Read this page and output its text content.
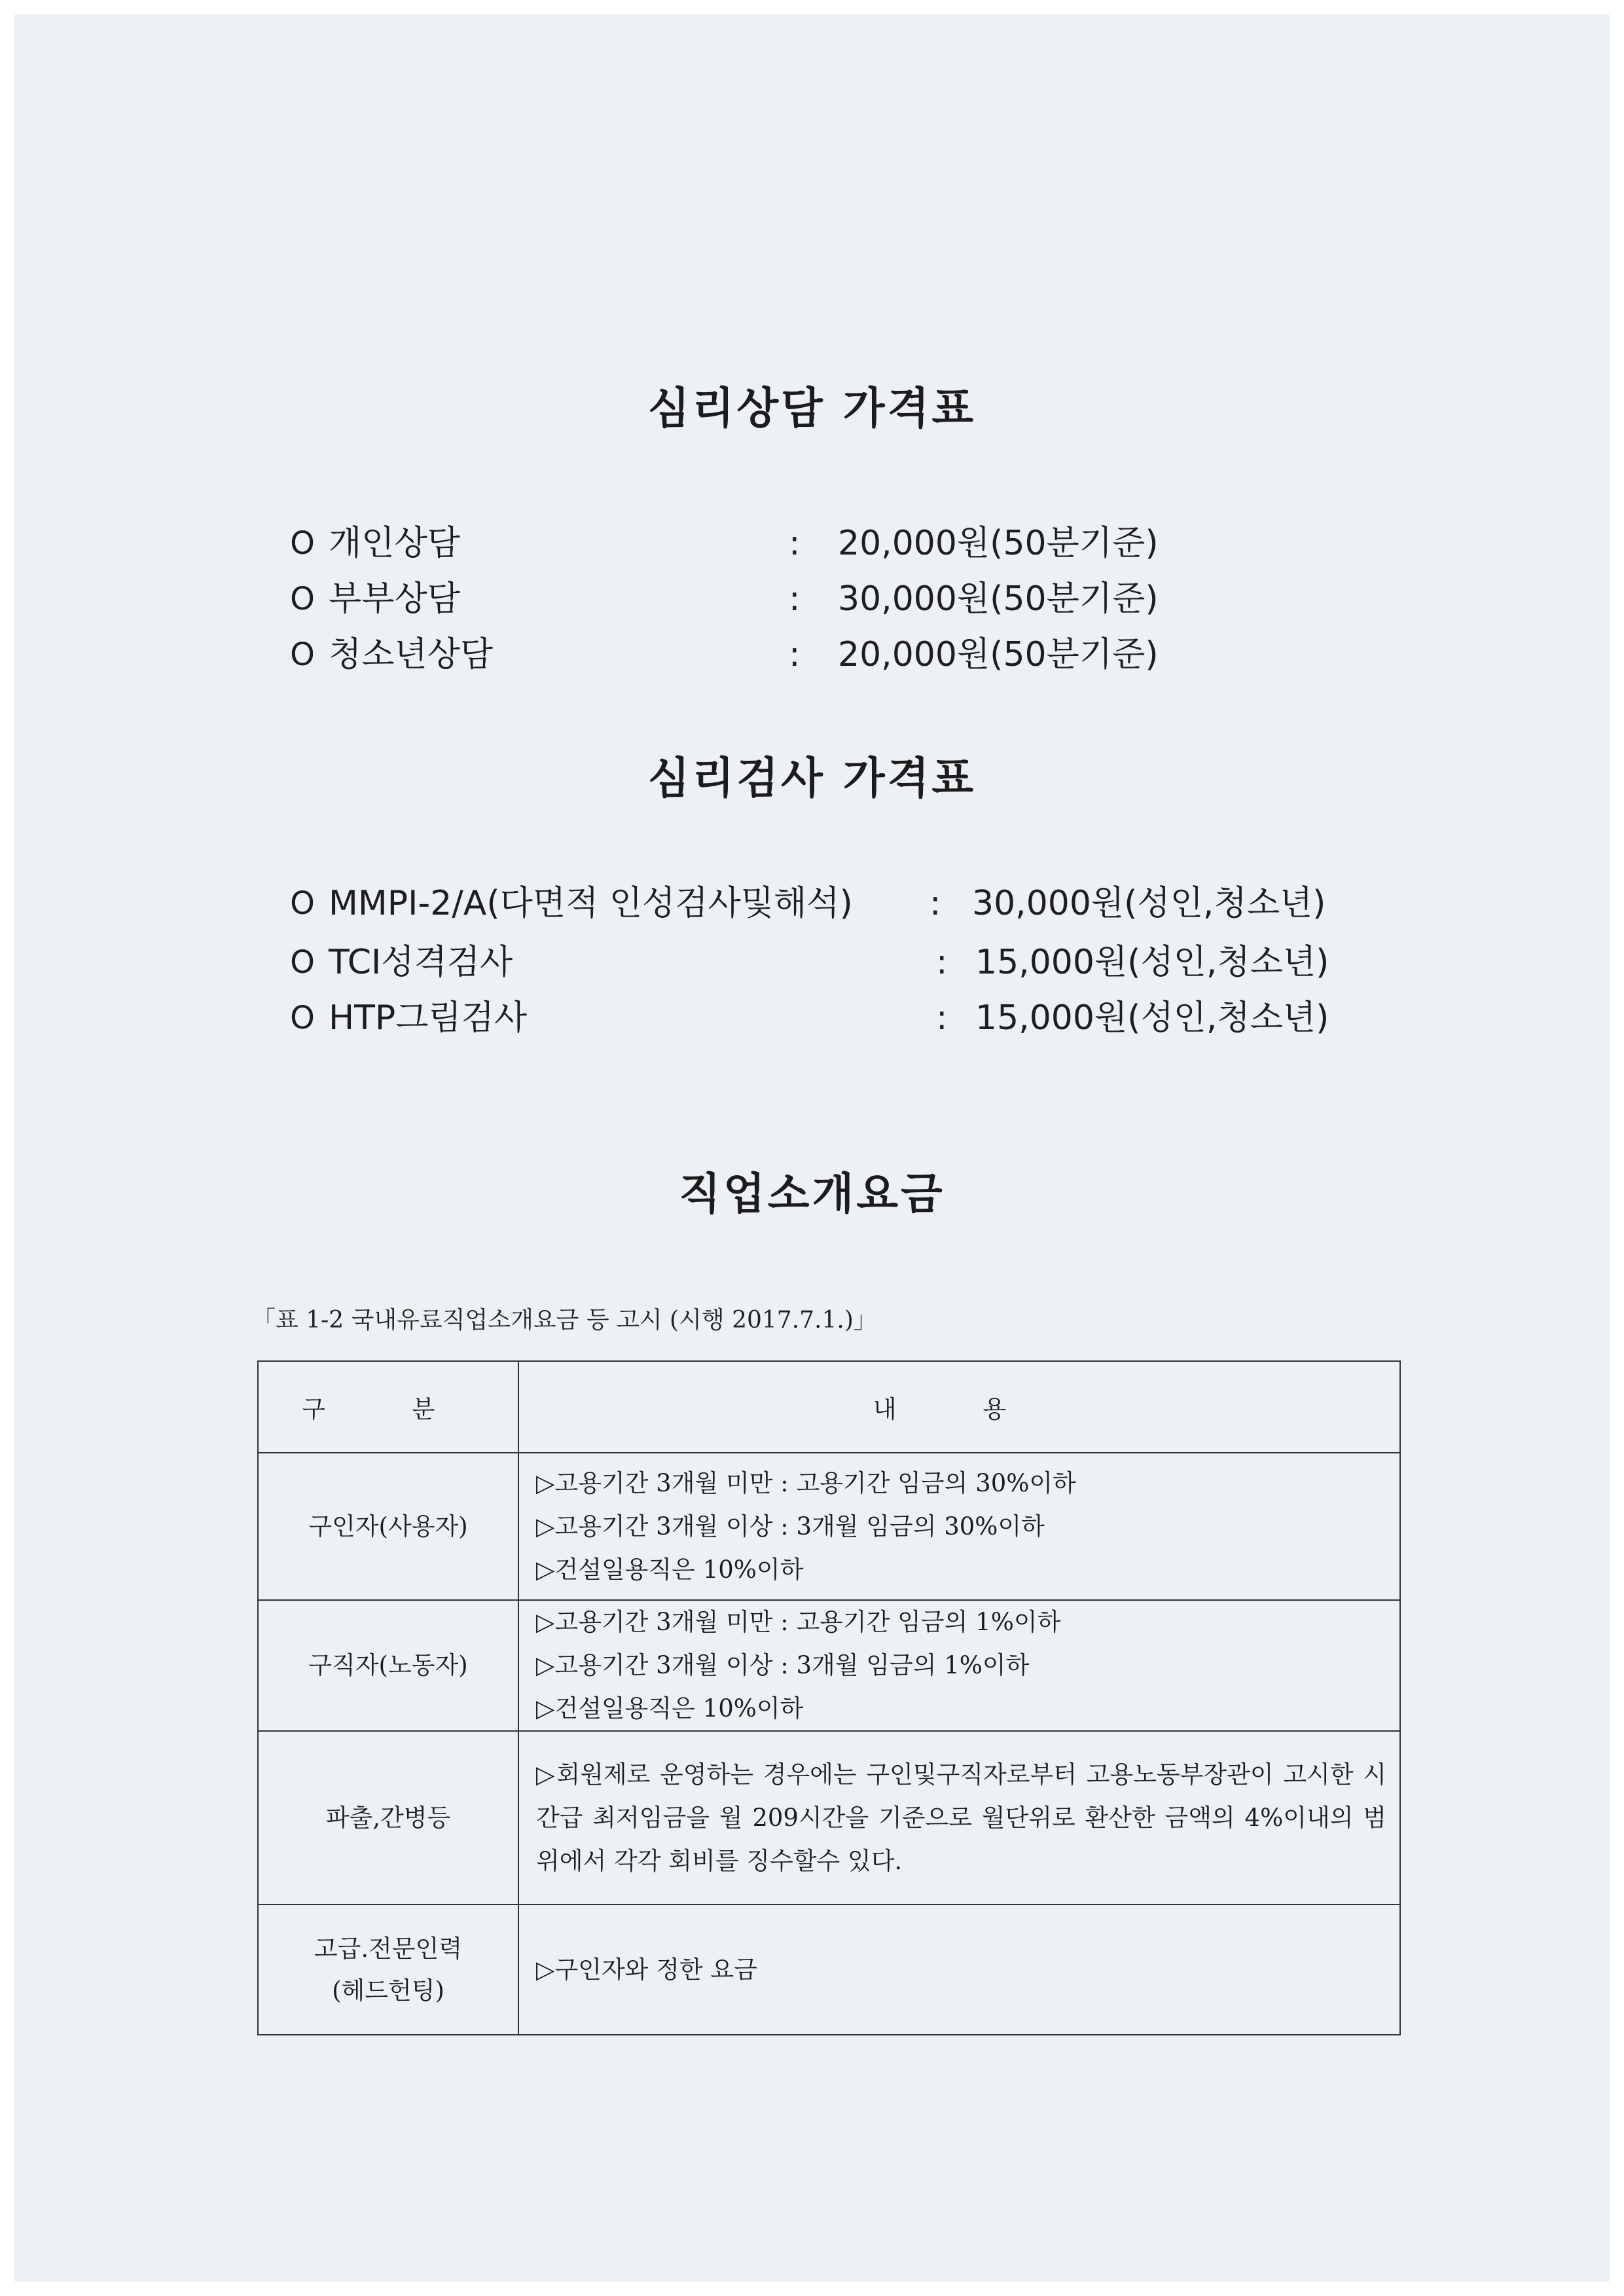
심리상담 가격표
O 개인상담	: 20,000원(50분기준)
O 부부상담	: 30,000원(50분기준)
O 청소년상담	: 20,000원(50분기준)
심리검사 가격표
O MMPI-2/A(다면적 인성검사및해석) : 30,000원(성인,청소년)
O TCI성격검사	: 15,000원(성인,청소년)
O HTP그림검사	: 15,000원(성인,청소년)
직업소개요금
「표 1-2 국내유료직업소개요금 등 고시 (시행 2017.7.1.)」
구 분	내 용
구인자(사용자)	▷고용기간 3개월 미만 : 고용기간 임금의 30%이하
▷고용기간 3개월 이상 : 3개월 임금의 30%이하
▷건설일용직은 10%이하

구직자(노동자)	▷고용기간 3개월 미만 : 고용기간 임금의 1%이하
▷고용기간 3개월 이상 : 3개월 임금의 1%이하
▷건설일용직은 10%이하

파출,간병등	▷회원제로 운영하는 경우에는 구인및구직자로부터 고용노동부장관이 고시한 시간급 최저임금을 월 209시간을 기준으로 월단위로 환산한 금액의 4%이내의 범위에서 각각 회비를 징수할수 있다.

고급.전문인력
(헤드헌팅)	▷구인자와 정한 요금
